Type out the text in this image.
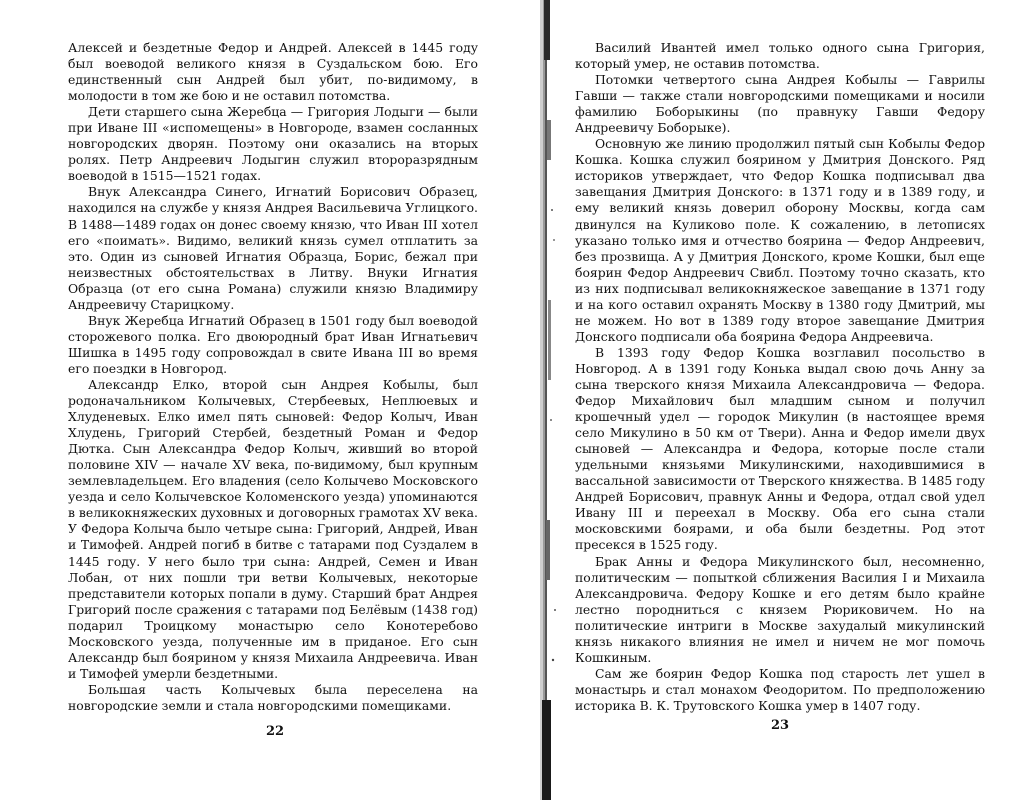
Алексей и бездетные Федор и Андрей. Алексей в 1445 году был воеводой великого князя в Суздальском бою. Его единственный сын Андрей был убит, по-видимому, в молодости в том же бою и не оставил потомства.

Дети старшего сына Жеребца — Григория Лодыги — были при Иване III «испомещены» в Новгороде, взамен сосланных новгородских дворян. Поэтому они оказались на вторых ролях. Петр Андреевич Лодыгин служил второразрядным воеводой в 1515—1521 годах.

Внук Александра Синего, Игнатий Борисович Образец, находился на службе у князя Андрея Васильевича Углицкого. В 1488—1489 годах он донес своему князю, что Иван III хотел его «поимать». Видимо, великий князь сумел отплатить за это. Один из сыновей Игнатия Образца, Борис, бежал при неизвестных обстоятельствах в Литву. Внуки Игнатия Образца (от его сына Романа) служили князю Владимиру Андреевичу Старицкому.

Внук Жеребца Игнатий Образец в 1501 году был воеводой сторожевого полка. Его двоюродный брат Иван Игнатьевич Шишка в 1495 году сопровождал в свите Ивана III во время его поездки в Новгород.

Александр Елко, второй сын Андрея Кобылы, был родоначальником Колычевых, Стербеевых, Неплюевых и Хлуденевых. Елко имел пять сыновей: Федор Колыч, Иван Хлудень, Григорий Стербей, бездетный Роман и Федор Дютка. Сын Александра Федор Колыч, живший во второй половине XIV — начале XV века, по-видимому, был крупным землевладельцем. Его владения (село Колычево Московского уезда и село Колычевское Коломенского уезда) упоминаются в великокняжеских духовных и договорных грамотах XV века. У Федора Колыча было четыре сына: Григорий, Андрей, Иван и Тимофей. Андрей погиб в битве с татарами под Суздалем в 1445 году. У него было три сына: Андрей, Семен и Иван Лобан, от них пошли три ветви Колычевых, некоторые представители которых попали в думу. Старший брат Андрея Григорий после сражения с татарами под Белёвым (1438 год) подарил Троицкому монастырю село Конотеребово Московского уезда, полученные им в приданое. Его сын Александр был боярином у князя Михаила Андреевича. Иван и Тимофей умерли бездетными.

Большая часть Колычевых была переселена на новгородские земли и стала новгородскими помещиками.

22

Василий Ивантей имел только одного сына Григория, который умер, не оставив потомства.

Потомки четвертого сына Андрея Кобылы — Гаврилы Гавши — также стали новгородскими помещиками и носили фамилию Боборыкины (по правнуку Гавши Федору Андреевичу Боборыке).

Основную же линию продолжил пятый сын Кобылы Федор Кошка. Кошка служил боярином у Дмитрия Донского. Ряд историков утверждает, что Федор Кошка подписывал два завещания Дмитрия Донского: в 1371 году и в 1389 году, и ему великий князь доверил оборону Москвы, когда сам двинулся на Куликово поле. К сожалению, в летописях указано только имя и отчество боярина — Федор Андреевич, без прозвища. А у Дмитрия Донского, кроме Кошки, был еще боярин Федор Андреевич Свибл. Поэтому точно сказать, кто из них подписывал великокняжеское завещание в 1371 году и на кого оставил охранять Москву в 1380 году Дмитрий, мы не можем. Но вот в 1389 году второе завещание Дмитрия Донского подписали оба боярина Федора Андреевича.

В 1393 году Федор Кошка возглавил посольство в Новгород. А в 1391 году Конька выдал свою дочь Анну за сына тверского князя Михаила Александровича — Федора. Федор Михайлович был младшим сыном и получил крошечный удел — городок Микулин (в настоящее время село Микулино в 50 км от Твери). Анна и Федор имели двух сыновей — Александра и Федора, которые после стали удельными князьями Микулинскими, находившимися в вассальной зависимости от Тверского княжества. В 1485 году Андрей Борисович, правнук Анны и Федора, отдал свой удел Ивану III и переехал в Москву. Оба его сына стали московскими боярами, и оба были бездетны. Род этот пресекся в 1525 году.

Брак Анны и Федора Микулинского был, несомненно, политическим — попыткой сближения Василия I и Михаила Александровича. Федору Кошке и его детям было крайне лестно породниться с князем Рюриковичем. Но на политические интриги в Москве захудалый микулинский князь никакого влияния не имел и ничем не мог помочь Кошкиным.

Сам же боярин Федор Кошка под старость лет ушел в монастырь и стал монахом Феодоритом. По предположению историка В. К. Трутовского Кошка умер в 1407 году.

23
